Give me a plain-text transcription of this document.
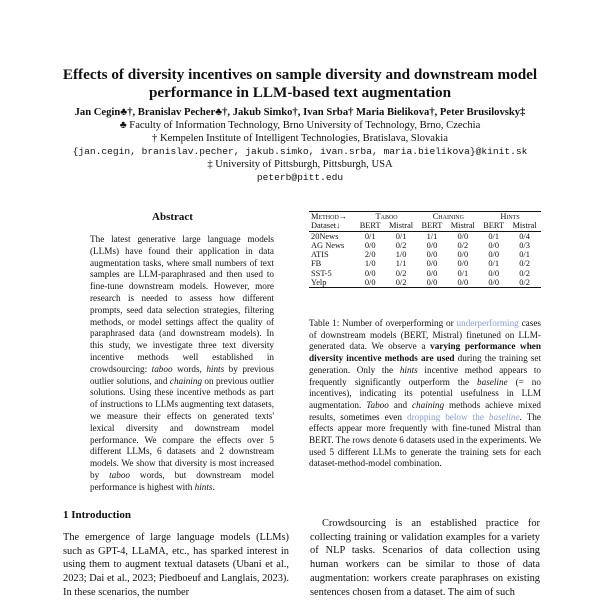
Effects of diversity incentives on sample diversity and downstream model
performance in LLM-based text augmentation
Jan Cegin♣†, Branislav Pecher♣†, Jakub Simko†, Ivan Srba† Maria Bielikova†, Peter Brusilovsky‡
♣ Faculty of Information Technology, Brno University of Technology, Brno, Czechia
† Kempelen Institute of Intelligent Technologies, Bratislava, Slovakia
{jan.cegin, branislav.pecher, jakub.simko, ivan.srba, maria.bielikova}@kinit.sk
‡ University of Pittsburgh, Pittsburgh, USA
peterb@pitt.edu
Abstract

The latest generative large language models (LLMs) have found their application in data augmentation tasks, where small numbers of text samples are LLM-paraphrased and then used to fine-tune downstream models. However, more research is needed to assess how different prompts, seed data selection strategies, filtering methods, or model settings affect the quality of paraphrased data (and downstream models). In this study, we investigate three text diversity incentive methods well established in crowdsourcing: taboo words, hints by previous outlier solutions, and chaining on previous outlier solutions. Using these incentive methods as part of instructions to LLMs augmenting text datasets, we measure their effects on generated texts' lexical diversity and downstream model performance. We compare the effects over 5 different LLMs, 6 datasets and 2 downstream models. We show that diversity is most increased by taboo words, but downstream model performance is highest with hints.

Method→	Taboo		Chaining		Hints	
Dataset↓	BERT	Mistral	BERT	Mistral	BERT	Mistral
20News	0/1	0/1	1/1	0/0	0/1	0/4
AG News	0/0	0/2	0/0	0/2	0/0	0/3
ATIS	2/0	1/0	0/0	0/0	0/0	0/1
FB	1/0	1/1	0/0	0/0	0/1	0/2
SST-5	0/0	0/2	0/0	0/1	0/0	0/2
Yelp	0/0	0/2	0/0	0/0	0/0	0/2

Table 1: Number of overperforming or underperforming cases of downstream models (BERT, Mistral) finetuned on LLM-generated data. We observe a varying performance when diversity incentive methods are used during the training set generation. Only the hints incentive method appears to frequently significantly outperform the baseline (= no incentives), indicating its potential usefulness in LLM augmentation. Taboo and chaining methods achieve mixed results, sometimes even dropping below the baseline. The effects appear more frequently with fine-tuned Mistral than BERT. The rows denote 6 datasets used in the experiments. We used 5 different LLMs to generate the training sets for each dataset-method-model combination.

1 Introduction

The emergence of large language models (LLMs) such as GPT-4, LLaMA, etc., has sparked interest in using them to augment textual datasets (Ubani et al., 2023; Dai et al., 2023; Piedboeuf and Langlais, 2023). In these scenarios, the number

Crowdsourcing is an established practice for collecting training or validation examples for a variety of NLP tasks. Scenarios of data collection using human workers can be similar to those of data augmentation: workers create paraphrases on existing sentences chosen from a dataset. The aim of such
